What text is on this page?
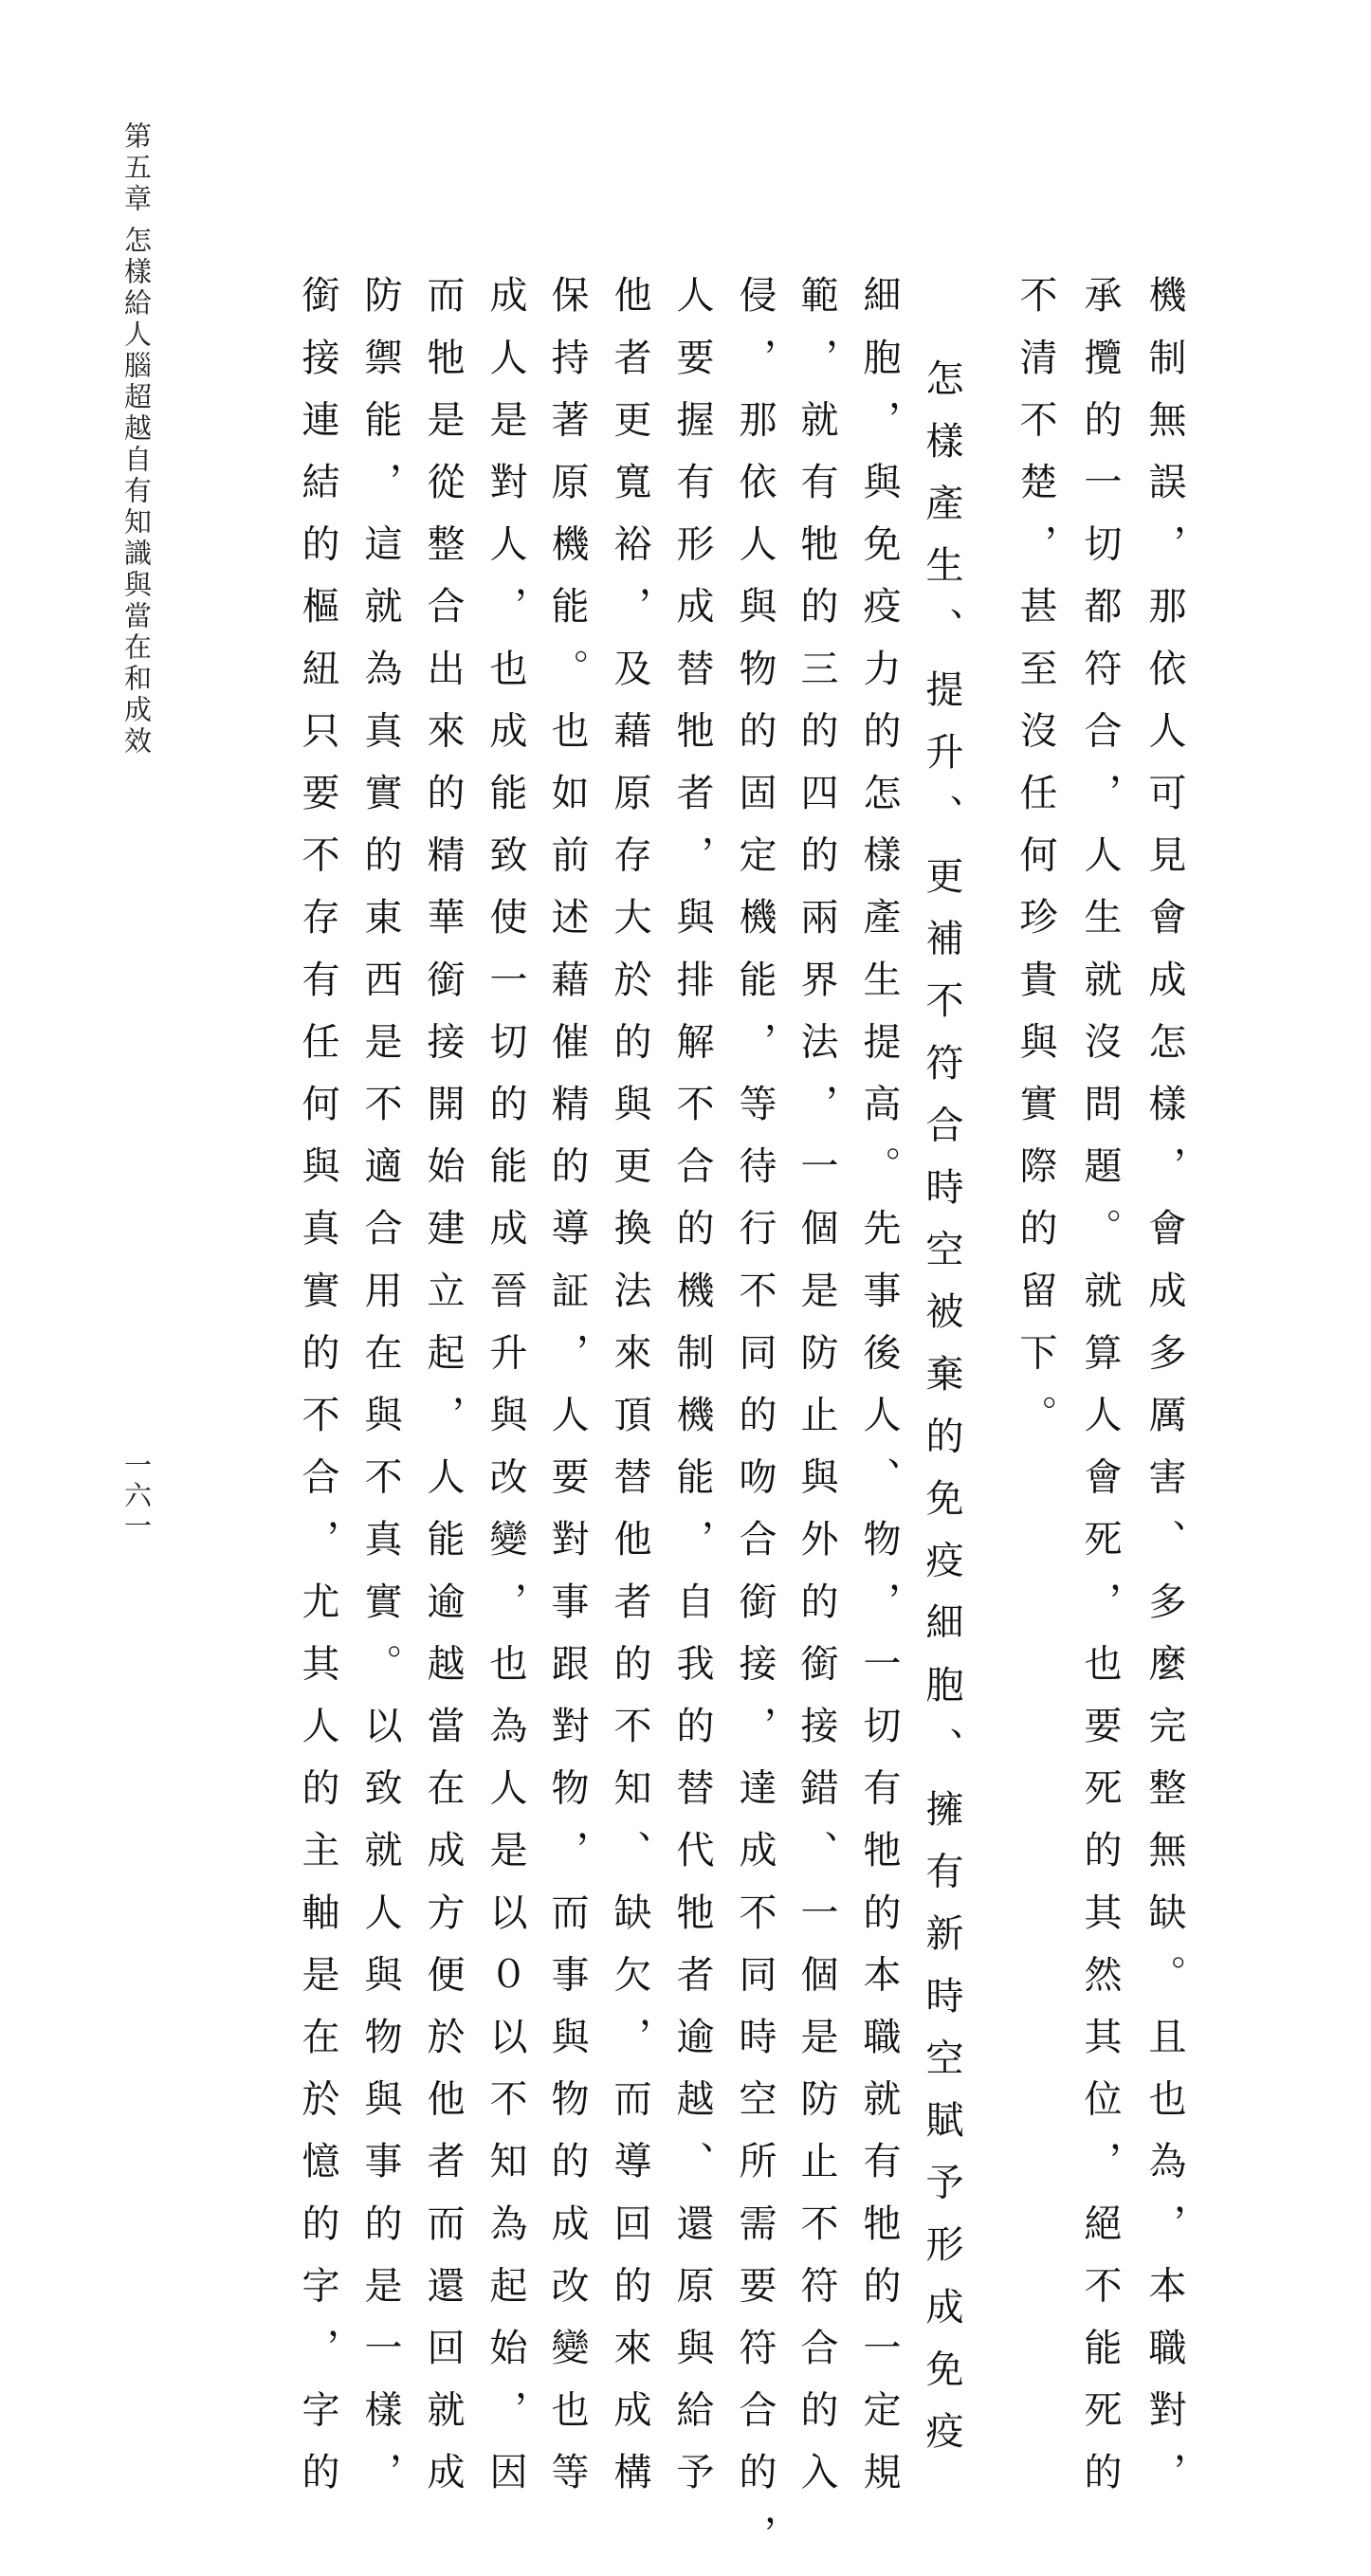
第五章
怎樣給人腦超越自有知識與當在和成效
一六一	機制無誤，那依人可見會成怎樣，會成多厲害、多麼完整無缺。且也為，本職對，
承攬的一切都符合，人生就沒問題。就算人會死，也要死的其然其位，絕不能死的
不清不楚，甚至沒任何珍貴與實際的留下。
怎樣產生、提升、更補不符合時空被棄的免疫細胞、擁有新時空賦予形成免疫
細胞，與免疫力的怎樣產生提高。先事後人、物，一切有牠的本職就有牠的一定規
範，就有牠的三的四的兩界法，一個是防止與外的銜接錯、一個是防止不符合的入
侵，那依人與物的固定機能，等待行不同的吻合銜接，達成不同時空所需要符合的，
人要握有形成替牠者，與排解不合的機制機能，自我的替代牠者逾越、還原與給予
他者更寬裕，及藉原存大於的與更換法來頂替他者的不知、缺欠，而導回的來成構
保持著原機能。也如前述藉催精的導証，人要對事跟對物，而事與物的成改變也等
成人是對人，也成能致使一切的能成晉升與改變，也為人是以０以不知為起始，因
而牠是從整合出來的精華銜接開始建立起，人能逾越當在成方便於他者而還回就成
防禦能，這就為真實的東西是不適合用在與不真實。以致就人與物與事的是一樣，
銜接連結的樞紐只要不存有任何與真實的不合，尤其人的主軸是在於憶的字，字的
